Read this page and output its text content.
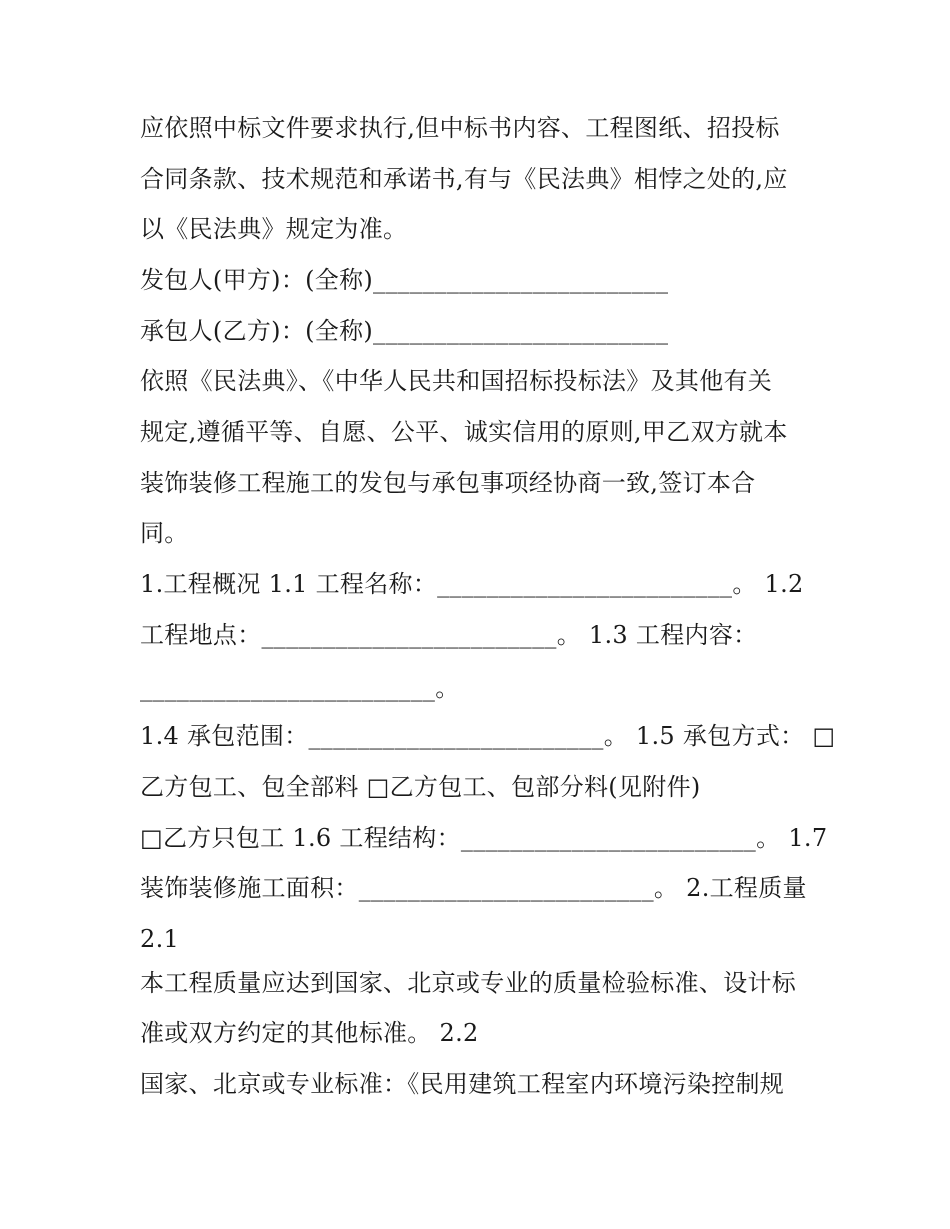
应依照中标文件要求执行,但中标书内容、工程图纸、招投标
合同条款、技术规范和承诺书,有与《民法典》相悖之处的,应
以《民法典》规定为准。
发包人(甲方)：(全称)________________________
承包人(乙方)：(全称)________________________
依照《民法典》、《中华人民共和国招标投标法》及其他有关
规定,遵循平等、自愿、公平、诚实信用的原则,甲乙双方就本
装饰装修工程施工的发包与承包事项经协商一致,签订本合
同。
1.工程概况 1.1 工程名称：________________________。 1.2
工程地点：________________________。 1.3 工程内容：
________________________。
1.4 承包范围：________________________。 1.5 承包方式： □
乙方包工、包全部料 □乙方包工、包部分料(见附件)
□乙方只包工 1.6 工程结构：________________________。 1.7
装饰装修施工面积：________________________。 2.工程质量
2.1
本工程质量应达到国家、北京或专业的质量检验标准、设计标
准或双方约定的其他标准。 2.2
国家、北京或专业标准：《民用建筑工程室内环境污染控制规
